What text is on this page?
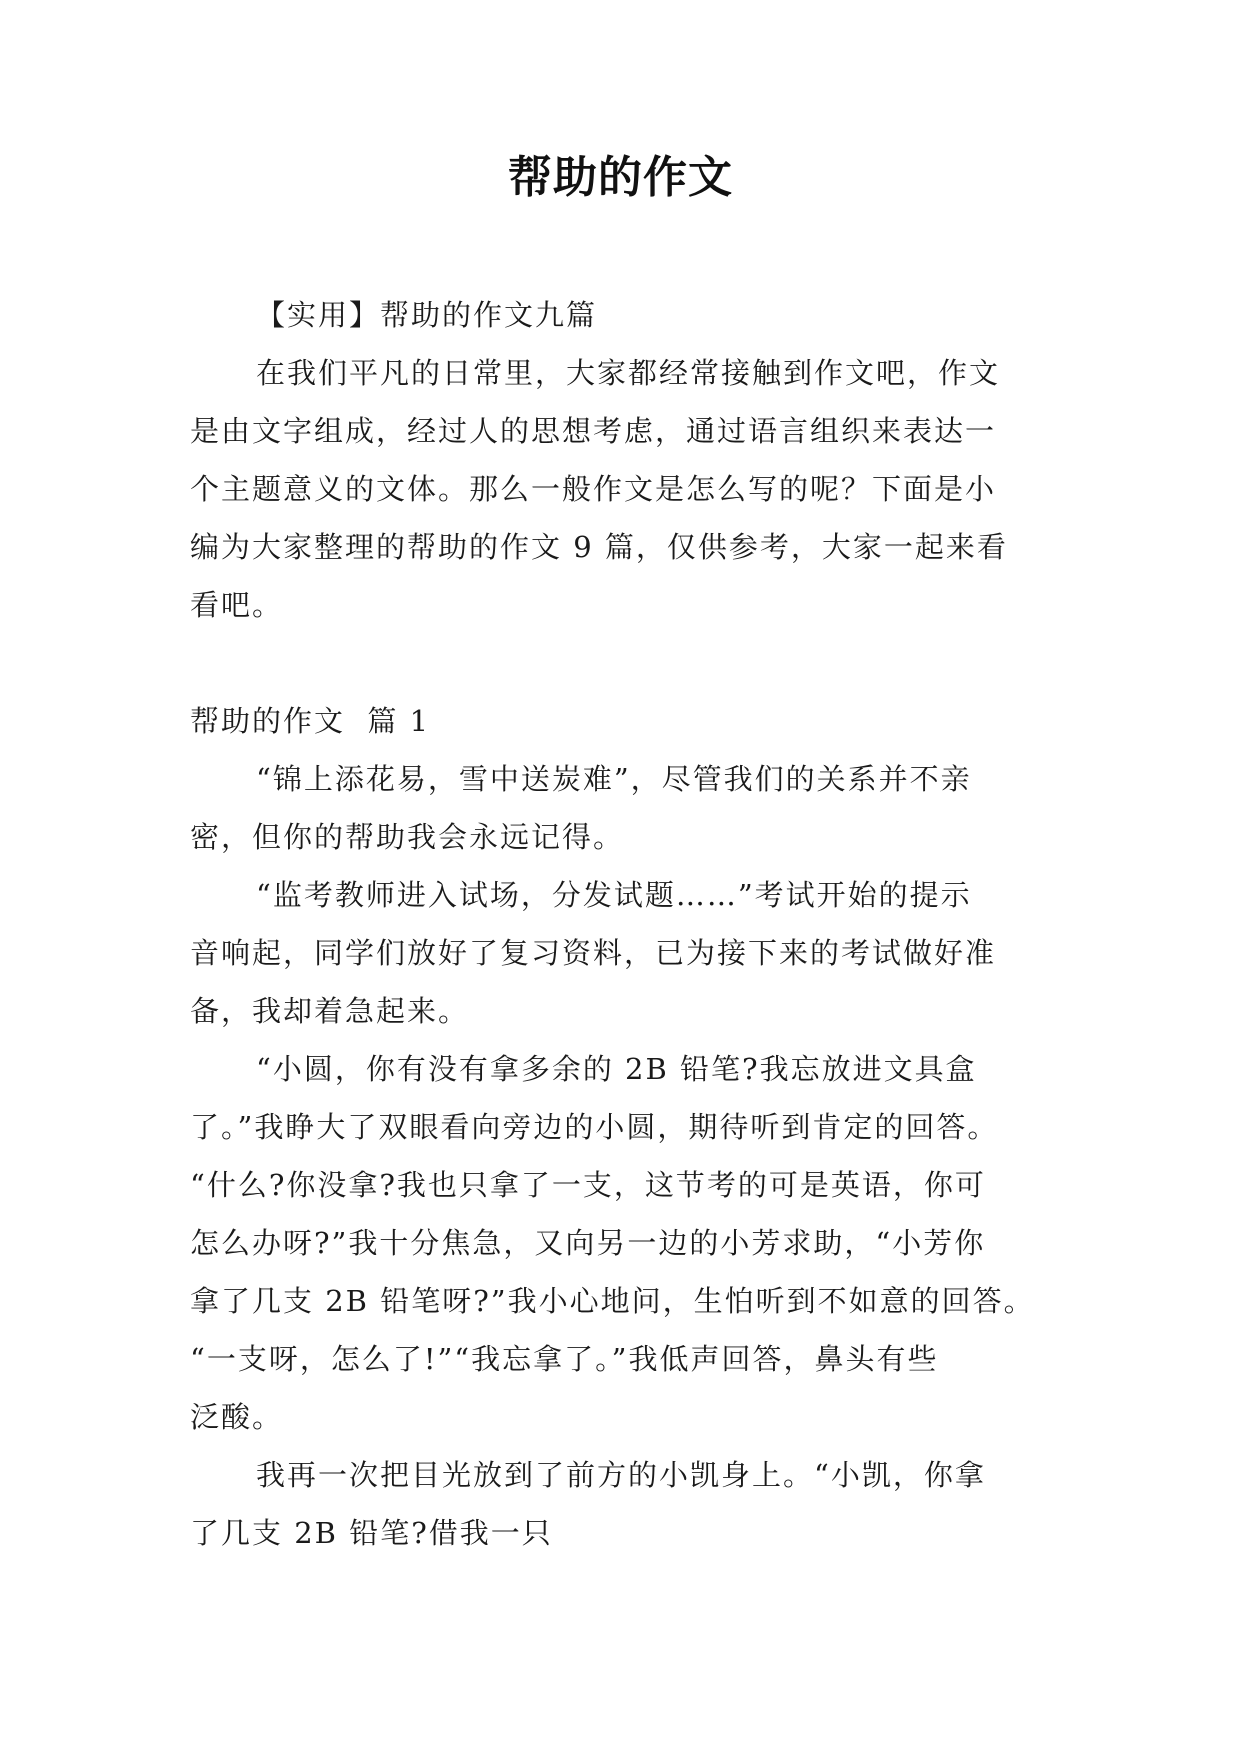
帮助的作文
【实用】帮助的作文九篇
在我们平凡的日常里，大家都经常接触到作文吧，作文
是由文字组成，经过人的思想考虑，通过语言组织来表达一
个主题意义的文体。那么一般作文是怎么写的呢？下面是小
编为大家整理的帮助的作文 9 篇，仅供参考，大家一起来看
看吧。
帮助的作文  篇 1
“锦上添花易，雪中送炭难”，尽管我们的关系并不亲
密，但你的帮助我会永远记得。
“监考教师进入试场，分发试题……”考试开始的提示
音响起，同学们放好了复习资料，已为接下来的考试做好准
备，我却着急起来。
“小圆，你有没有拿多余的 2B 铅笔?我忘放进文具盒
了。”我睁大了双眼看向旁边的小圆，期待听到肯定的回答。
“什么?你没拿?我也只拿了一支，这节考的可是英语，你可
怎么办呀?”我十分焦急，又向另一边的小芳求助，“小芳你
拿了几支 2B 铅笔呀?”我小心地问，生怕听到不如意的回答。
“一支呀，怎么了!”“我忘拿了。”我低声回答，鼻头有些
泛酸。
我再一次把目光放到了前方的小凯身上。“小凯，你拿
了几支 2B 铅笔?借我一只
